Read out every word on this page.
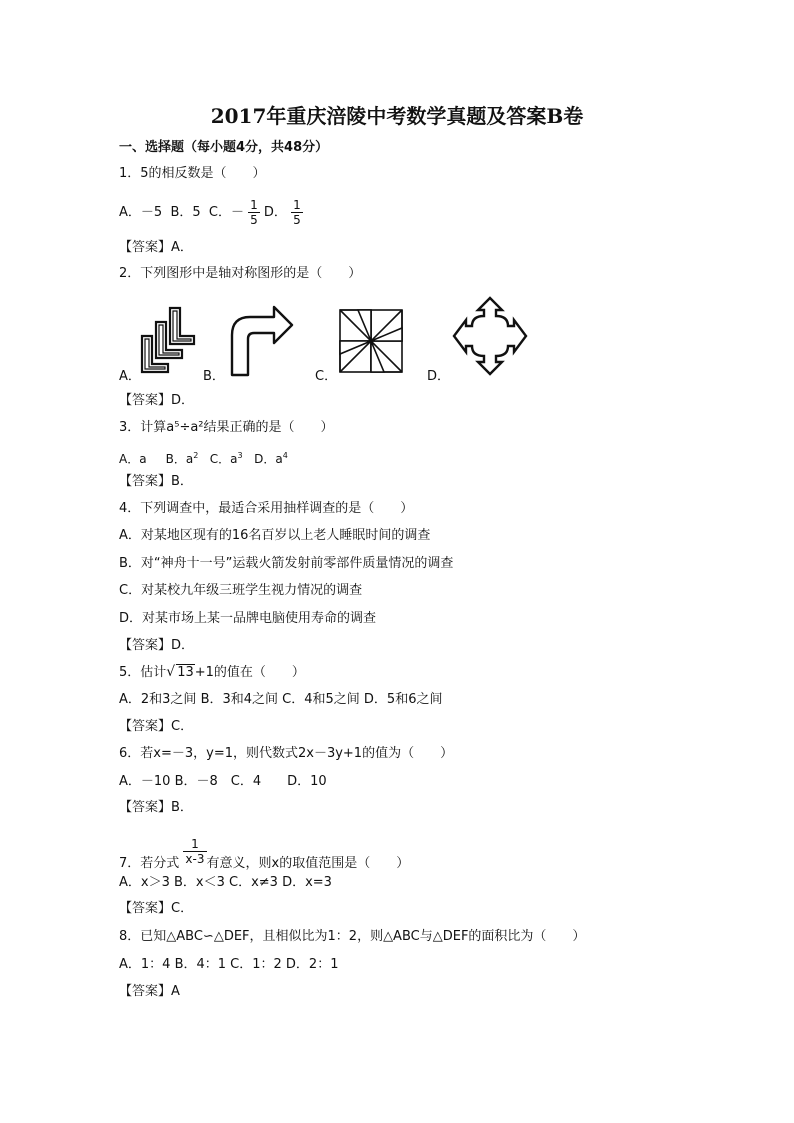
2017年重庆涪陵中考数学真题及答案B卷
一、选择题（每小题4分，共48分）
1．5的相反数是（　　）
A．－5 B．5 C．－ $\frac{1}{5}$ D． $\frac{1}{5}$
【答案】A．
2．下列图形中是轴对称图形的是（　　）
A．	B．	C．	D．
【答案】D．
3．计算a⁵÷a²结果正确的是（　　）
A．a B．$a^2$ C．$a^3$ D．$a^4$
【答案】B．
4．下列调查中，最适合采用抽样调查的是（　　）
A．对某地区现有的16名百岁以上老人睡眠时间的调查
B．对“神舟十一号”运载火箭发射前零部件质量情况的调查
C．对某校九年级三班学生视力情况的调查
D．对某市场上某一品牌电脑使用寿命的调查
【答案】D．
5．估计√ 13+1的值在（　　）
A．2和3之间 B．3和4之间 C．4和5之间 D．5和6之间
【答案】C．
6．若x=－3，y=1，则代数式2x－3y+1的值为（　　）
A．－10 B．－8　C．4　　D．10
【答案】B．
7．若分式 $\frac{1}{x-3}$ 有意义，则x的取值范围是（　　）
A．x＞3 B．x＜3 C．x≠3 D．x=3
【答案】C．
8．已知△ABC∽△DEF，且相似比为1：2，则△ABC与△DEF的面积比为（　　）
A．1：4 B．4：1 C．1：2 D．2：1
【答案】A
